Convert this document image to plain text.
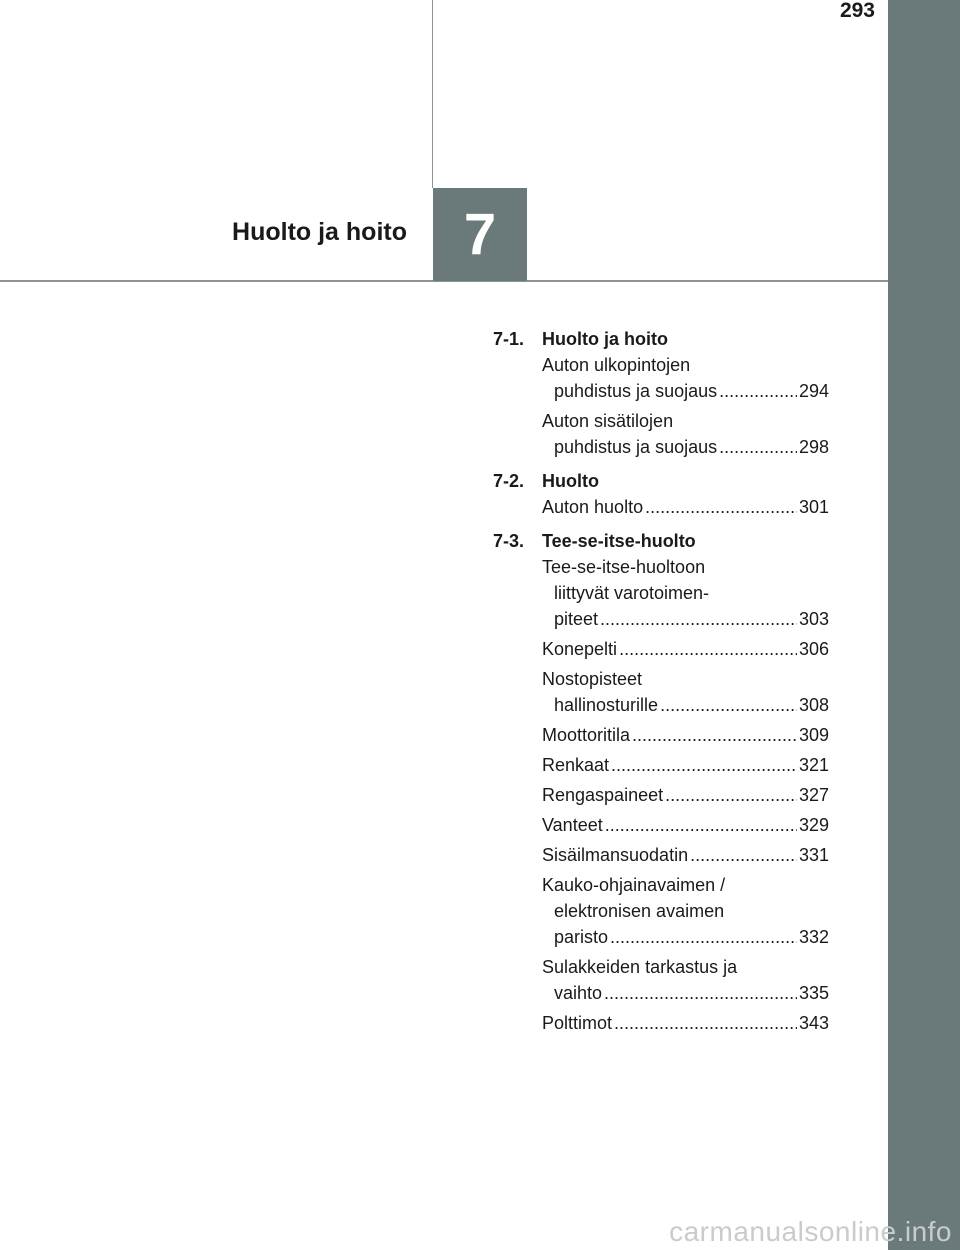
293
Huolto ja hoito 7
7-1. Huolto ja hoito
Auton ulkopintojen
puhdistus ja suojaus .....	294
Auton sisätilojen
puhdistus ja suojaus .....	298
7-2. Huolto
Auton huolto .....	301
7-3. Tee-se-itse-huolto
Tee-se-itse-huoltoon
liittyvät varotoimen-
piteet .....	303
Konepelti .....	306
Nostopisteet
hallinosturille .....	308
Moottoritila .....	309
Renkaat .....	321
Rengaspaineet .....	327
Vanteet .....	329
Sisäilmansuodatin .....	331
Kauko-ohjainavaimen /
elektronisen avaimen
paristo .....	332
Sulakkeiden tarkastus ja
vaihto .....	335
Polttimot .....	343
carmanualsonline.info
